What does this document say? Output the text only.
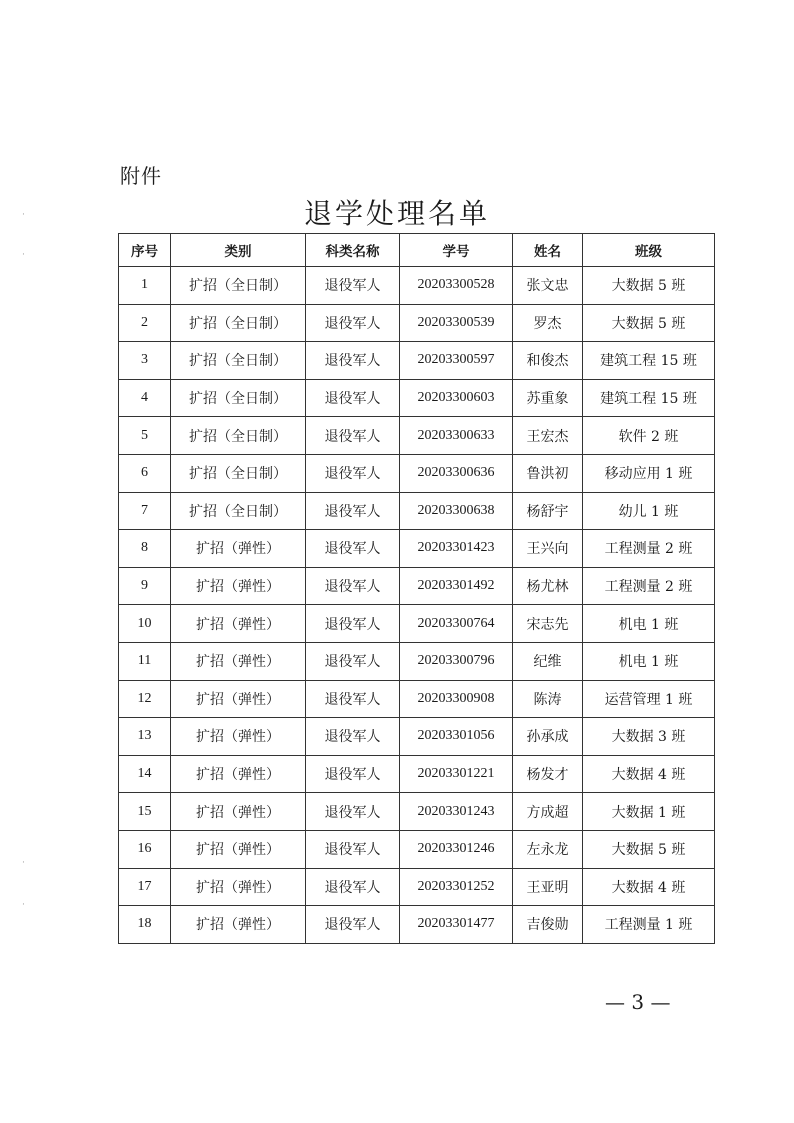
附件
退学处理名单
序号	类别	科类名称	学号	姓名	班级
1	扩招（全日制）	退役军人	20203300528	张文忠	大数据 5 班
2	扩招（全日制）	退役军人	20203300539	罗杰	大数据 5 班
3	扩招（全日制）	退役军人	20203300597	和俊杰	建筑工程 15 班
4	扩招（全日制）	退役军人	20203300603	苏重象	建筑工程 15 班
5	扩招（全日制）	退役军人	20203300633	王宏杰	软件 2 班
6	扩招（全日制）	退役军人	20203300636	鲁洪初	移动应用 1 班
7	扩招（全日制）	退役军人	20203300638	杨舒宇	幼儿 1 班
8	扩招（弹性）	退役军人	20203301423	王兴向	工程测量 2 班
9	扩招（弹性）	退役军人	20203301492	杨尤林	工程测量 2 班
10	扩招（弹性）	退役军人	20203300764	宋志先	机电 1 班
11	扩招（弹性）	退役军人	20203300796	纪维	机电 1 班
12	扩招（弹性）	退役军人	20203300908	陈涛	运营管理 1 班
13	扩招（弹性）	退役军人	20203301056	孙承成	大数据 3 班
14	扩招（弹性）	退役军人	20203301221	杨发才	大数据 4 班
15	扩招（弹性）	退役军人	20203301243	方成超	大数据 1 班
16	扩招（弹性）	退役军人	20203301246	左永龙	大数据 5 班
17	扩招（弹性）	退役军人	20203301252	王亚明	大数据 4 班
18	扩招（弹性）	退役军人	20203301477	吉俊勋	工程测量 1 班
— 3 —
·
·
·
·
